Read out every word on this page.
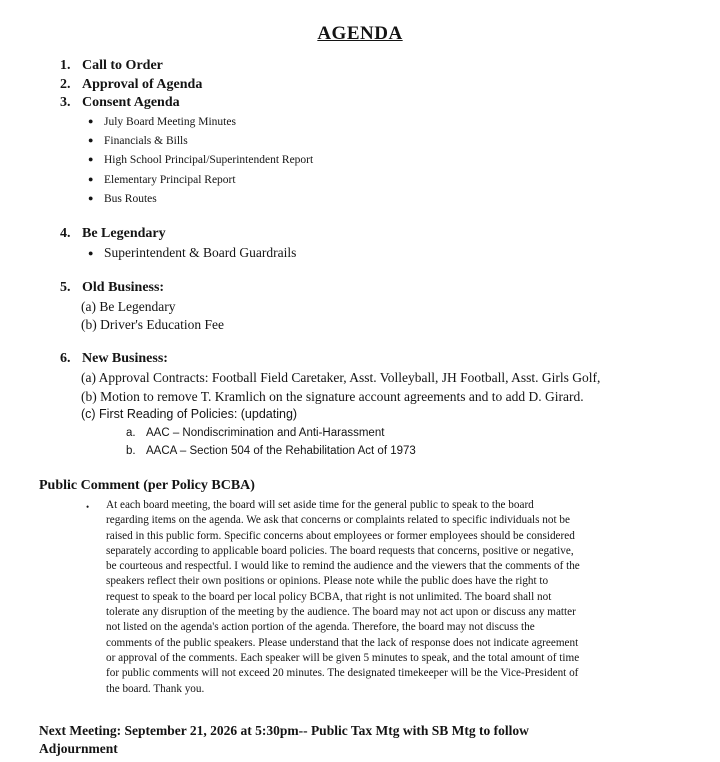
AGENDA
1. Call to Order
2. Approval of Agenda
3. Consent Agenda
● July Board Meeting Minutes
● Financials & Bills
● High School Principal/Superintendent Report
● Elementary Principal Report
● Bus Routes
4. Be Legendary
● Superintendent & Board Guardrails
5. Old Business:
(a) Be Legendary
(b) Driver's Education Fee
6. New Business:
(a) Approval Contracts: Football Field Caretaker, Asst. Volleyball, JH Football, Asst. Girls Golf,
(b) Motion to remove T. Kramlich on the signature account agreements and to add D. Girard.
(c) First Reading of Policies: (updating)
a. AAC – Nondiscrimination and Anti-Harassment
b. AACA – Section 504 of the Rehabilitation Act of 1973
Public Comment (per Policy BCBA)
• At each board meeting, the board will set aside time for the general public to speak to the board
regarding items on the agenda. We ask that concerns or complaints related to specific individuals not be
raised in this public form. Specific concerns about employees or former employees should be considered
separately according to applicable board policies. The board requests that concerns, positive or negative,
be courteous and respectful. I would like to remind the audience and the viewers that the comments of the
speakers reflect their own positions or opinions. Please note while the public does have the right to
request to speak to the board per local policy BCBA, that right is not unlimited. The board shall not
tolerate any disruption of the meeting by the audience. The board may not act upon or discuss any matter
not listed on the agenda's action portion of the agenda. Therefore, the board may not discuss the
comments of the public speakers. Please understand that the lack of response does not indicate agreement
or approval of the comments. Each speaker will be given 5 minutes to speak, and the total amount of time
for public comments will not exceed 20 minutes. The designated timekeeper will be the Vice-President of
the board. Thank you.
Next Meeting: September 21, 2026 at 5:30pm-- Public Tax Mtg with SB Mtg to follow
Adjournment
